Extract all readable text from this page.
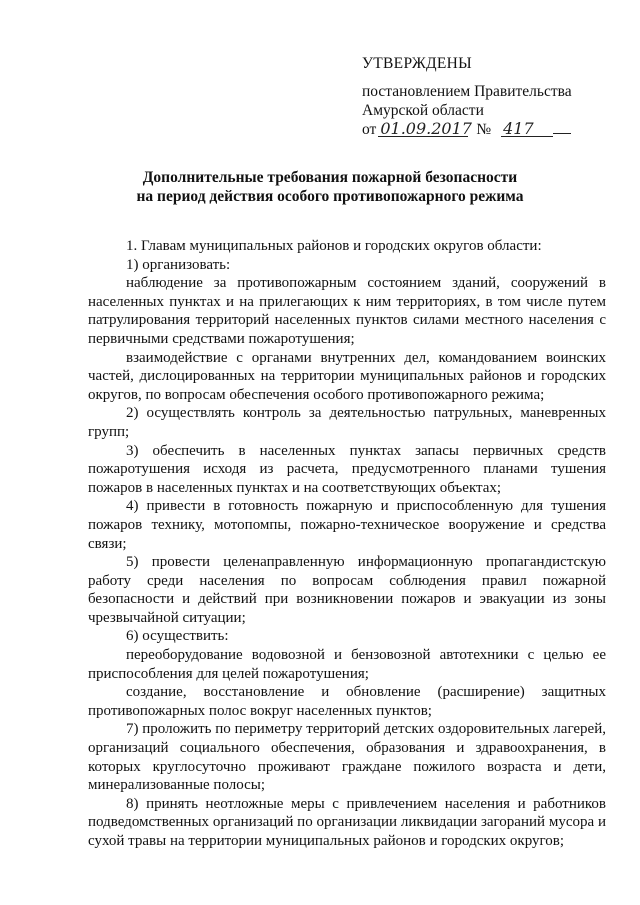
УТВЕРЖДЕНЫ
постановлением Правительства
Амурской области
от 01.09.2017 № 417
Дополнительные требования пожарной безопасности
на период действия особого противопожарного режима

1. Главам муниципальных районов и городских округов области:

1) организовать:

наблюдение за противопожарным состоянием зданий, сооружений в населенных пунктах и на прилегающих к ним территориях, в том числе путем патрулирования территорий населенных пунктов силами местного населения с первичными средствами пожаротушения;

взаимодействие с органами внутренних дел, командованием воинских частей, дислоцированных на территории муниципальных районов и городских округов, по вопросам обеспечения особого противопожарного режима;

2) осуществлять контроль за деятельностью патрульных, маневренных групп;

3) обеспечить в населенных пунктах запасы первичных средств пожаротушения исходя из расчета, предусмотренного планами тушения пожаров в населенных пунктах и на соответствующих объектах;

4) привести в готовность пожарную и приспособленную для тушения пожаров технику, мотопомпы, пожарно-техническое вооружение и средства связи;

5) провести целенаправленную информационную пропагандистскую работу среди населения по вопросам соблюдения правил пожарной безопасности и действий при возникновении пожаров и эвакуации из зоны чрезвычайной ситуации;

6) осуществить:

переоборудование водовозной и бензовозной автотехники с целью ее приспособления для целей пожаротушения;

создание, восстановление и обновление (расширение) защитных противопожарных полос вокруг населенных пунктов;

7) проложить по периметру территорий детских оздоровительных лагерей, организаций социального обеспечения, образования и здравоохранения, в которых круглосуточно проживают граждане пожилого возраста и дети, минерализованные полосы;

8) принять неотложные меры с привлечением населения и работников подведомственных организаций по организации ликвидации загораний мусора и сухой травы на территории муниципальных районов и городских округов;
